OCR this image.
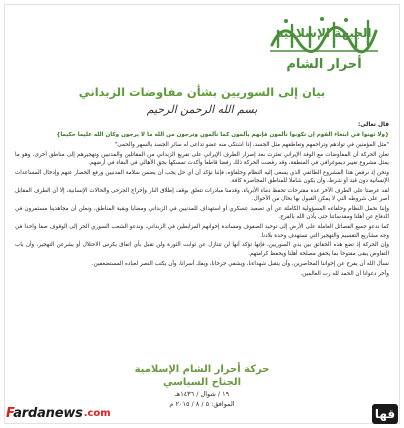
الجبهة الإسلامية
أحرار الشام
بيان إلى السوريين بشأن مفاوضات الزبداني
بسم الله الرحمن الرحيم

قال تعالى:

{ولا تهنوا في ابتغاء القوم إن تكونوا تألمون فإنهم يألمون كما تألمون وترجون من الله ما لا يرجون وكان الله عليما حكيما}

"مثل المؤمنين في توادهم وتراحمهم وتعاطفهم مثل الجسد، إذا اشتكى منه عضو تداعى له سائر الجسد بالسهر والحمى"

تعلن الحركة أن المفاوضات مع الوفد الإيراني تعثرت بعد إصرار الطرف الإيراني على تفريغ الزبداني من المقاتلين والمدنيين وتهجيرهم إلى مناطق أخرى، وهو ما يمثل مشروع تغيير ديموغرافي في المنطقة، وقد رفضت الحركة ذلك رفضا قاطعا وأكدت تمسكها بحق الأهالي في البقاء في أرضهم.

ونحن إذ نرفض هذا المشروع الطائفي الذي يسعى إليه النظام وحلفاؤه، فإننا نؤكد أن أي حل يجب أن يضمن سلامة المدنيين ورفع الحصار عنهم وإدخال المساعدات الإنسانية دون قيد أو شرط، وأن يكون شاملا للمناطق المحاصرة كافة.

لقد عرضنا على الطرف الآخر عدة مقترحات تحفظ دماء الأبرياء، وقدمنا مبادرات تتعلق بوقف إطلاق النار وإخراج الجرحى والحالات الإنسانية، إلا أن الطرف المقابل أصر على شروطه التي لا يمكن القبول بها بحال من الأحوال.

وإننا نحمل النظام وحلفاءه المسؤولية الكاملة عن أي تصعيد عسكري أو استهداف للمدنيين في الزبداني ومضايا وبقية المناطق، ونعلن أن مجاهدينا مستمرون في الدفاع عن أهلنا ومقدساتنا حتى يأذن الله بالفرج.

كما ندعو جميع الفصائل العاملة على الأرض إلى توحيد الصفوف ومساندة إخوانهم المرابطين في الزبداني، وندعو الشعب السوري الحر إلى الوقوف صفا واحدا في وجه مشاريع التقسيم والتهجير التي تستهدف وحدة بلادنا.

وإن الحركة إذ تضع هذه الحقائق بين يدي السوريين، فإنها تؤكد أنها لن تتنازل عن ثوابت الثورة ولن تقبل بأي اتفاق يكرس الاحتلال أو يشرعن التهجير، وأن باب التفاوض يبقى مفتوحا بما يحقق مصلحة أهلنا ويحفظ كرامتهم.

نسأل الله أن يفرج عن إخواننا المحاصرين، وأن يتقبل شهداءنا، ويشفي جرحانا، ويفك أسرانا، وأن يكتب النصر لعباده المستضعفين.

وآخر دعوانا أن الحمد لله رب العالمين.

حركة أحرار الشام الإسلامية
الجناح السياسي
١٩ / شوال / ١٤٣٦هـ
الموافق: ٥ / ٨ / ٢٠١٥ م
Fardanews .com	قها
